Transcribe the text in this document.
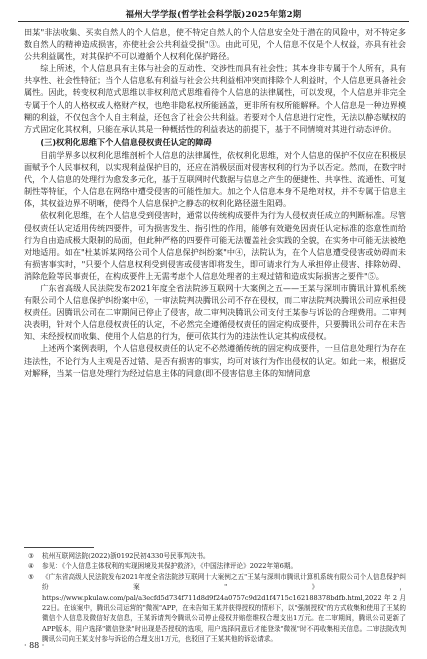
福州大学学报(哲学社会科学版)2025年第2期

田某"非法收集、买卖自然人的个人信息，使不特定自然人的个人信息安全处于潜在的风险中，对不特定多数自然人的精神造成损害，亦使社会公共利益受损"③。由此可见，个人信息不仅是个人权益，亦具有社会公共利益属性，对其保护不可以遵循个人权利化保护路径。

综上所述，个人信息具有主体与社会的互动性、交涉性而具有社会性；其本身非专属于个人所有，具有共享性、社会性特征；当个人信息私有利益与社会公共利益相冲突而排除个人利益时，个人信息更具备社会属性。因此，转变权利范式思维以非权利范式思维看待个人信息的法律属性，可以发现，个人信息并非完全专属于个人的人格权或人格财产权，也绝非隐私权所能涵盖，更非所有权所能解释。个人信息是一种边界模糊的利益，不仅包含个人自主利益，还包含了社会公共利益。若要对个人信息进行定性，无法以静态赋权的方式固定化其权利，只能在承认其是一种概括性的利益表达的前提下，基于不同情境对其进行动态评价。

(三)权利化思维下个人信息侵权责任认定的障碍

目前学界多以权利化思维剖析个人信息的法律属性，依权利化思维，对个人信息的保护不仅应在积极层面赋予个人民事权利，以实现利益保护目的，还应在消极层面对侵害权利的行为予以否定。然而，在数字时代，个人信息的处理行为愈发多元化，基于互联网时代数据与信息之产生的便捷性、共享性、流通性、可复制性等特征，个人信息在网络中遭受侵害的可能性加大。加之个人信息本身不是绝对权，并不专属于信息主体，其权益边界不明晰，使得个人信息保护之静态的权利化路径滋生阻碍。

依权利化思维，在个人信息受到侵害时，通常以传统构成要件为行为人侵权责任成立的判断标准。尽管侵权责任认定适用传统四要件，可为损害发生、指引性的作用，能够有效避免因责任认定标准的恣意性而给行为自由造成极大限制的局面，但此种严格的四要件可能无法覆盖社会实践的全貌，在实务中可能无法被绝对地适用。如在"杜某诉某网络公司个人信息保护纠纷案"中④，法院认为，在个人信息遭受侵害或妨碍而未有损害事实时，"只要个人信息权利受到侵害或侵害即将发生，即可请求行为人承担停止侵害、排除妨碍、消除危险等民事责任，在构成要件上无需考虑个人信息处理者的主观过错和造成实际损害之要件"⑤。

广东省高级人民法院发布2021年度全省法院涉互联网十大案例之五——王某与深圳市腾讯计算机系统有限公司个人信息保护纠纷案中⑥，一审法院判决腾讯公司不存在侵权，而二审法院判决腾讯公司应承担侵权责任。因腾讯公司在二审期间已停止了侵害，故二审判决腾讯公司支付王某参与诉讼的合理费用。二审判决表明，针对个人信息侵权责任的认定，不必然完全遵循侵权责任的固定构成要件，只要腾讯公司存在未告知、未经授权而收集、使用个人信息的行为，便可依其行为的违法性认定其构成侵权。

上述两个案例表明，个人信息侵权责任的认定不必然遵循传统的固定构成要件，一旦信息处理行为存在违法性，不论行为人主观是否过错、是否有损害的事实，均可对该行为作出侵权的认定。如此一来，根据反对解释，当某一信息处理行为经过信息主体的同意(即不侵害信息主体的知情同意

③	杭州互联网法院(2022)浙0192民初4330号民事判决书。
④	参见：《个人信息主体权利的实现困境及其保护救济》，《中国法律评论》2022年第6期。
⑤	《广东省高级人民法院发布2021年度全省法院涉互联网十大案例之五"王某与深圳市腾讯计算机系统有限公司个人信息保护纠纷案"》，https://www.pkulaw.com/pal/a3ecfd5d734f711d8d9f24a0757c9d2d1f4715c162188378bdfb.html,2022年2月22日。在该案中，腾讯公司运营的"微视"APP，在未告知王某并获得授权的情形下，以"强制授权"的方式收集和使用了王某的微信个人信息及微信好友信息，王某诉请判令腾讯公司停止侵权并赔偿维权合理支出1万元。在二审期间，腾讯公司更新了APP版本，用户选择"微信登录"时出现是否授权的选项，用户选择同意后才能登录"微视"时不再收集相关信息。二审法院改判腾讯公司向王某支付参与诉讼的合理支出1万元，也驳回了王某其他的诉讼请求。
· 88 ·
